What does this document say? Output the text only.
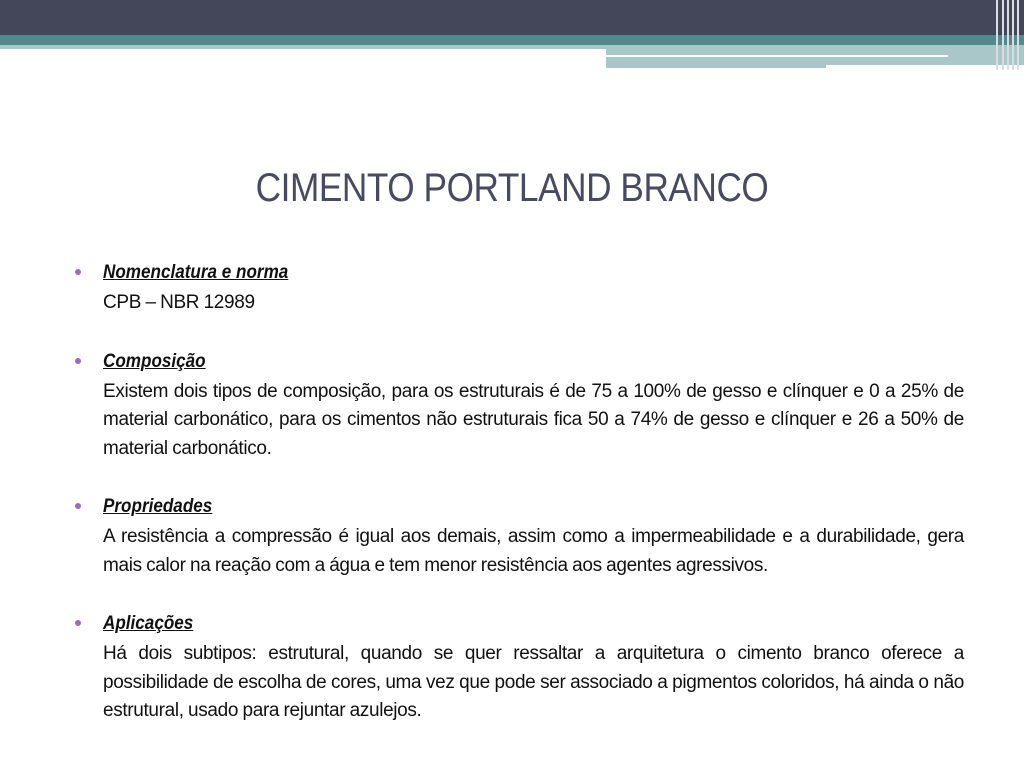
CIMENTO PORTLAND BRANCO
Nomenclatura e norma
CPB – NBR 12989
Composição
Existem dois tipos de composição, para os estruturais é de 75 a 100% de gesso e clínquer e 0 a 25% de material carbonático, para os cimentos não estruturais fica 50 a 74% de gesso e clínquer e 26 a 50% de material carbonático.
Propriedades
A resistência a compressão é igual aos demais, assim como a impermeabilidade e a durabilidade, gera mais calor na reação com a água e tem menor resistência aos agentes agressivos.
Aplicações
Há dois subtipos: estrutural, quando se quer ressaltar a arquitetura o cimento branco oferece a possibilidade de escolha de cores, uma vez que pode ser associado a pigmentos coloridos, há ainda o não estrutural, usado para rejuntar azulejos.
